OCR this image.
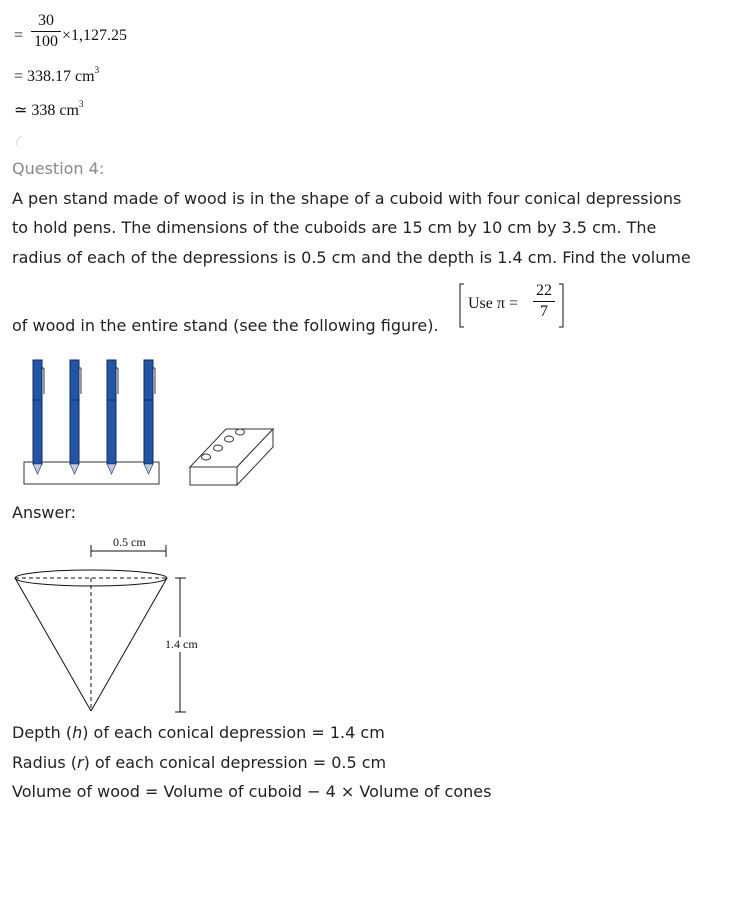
=
30
100 ×1,127.25
= 338.17 $cm^3$
≃ 338 $cm^3$
Question 4:
A pen stand made of wood is in the shape of a cuboid with four conical depressions
to hold pens. The dimensions of the cuboids are 15 cm by 10 cm by 3.5 cm. The
radius of each of the depressions is 0.5 cm and the depth is 1.4 cm. Find the volume
of wood in the entire stand (see the following figure).
Use π =
22
7
Answer:
0.5 cm
1.4 cm
Depth (h) of each conical depression = 1.4 cm
Radius (r) of each conical depression = 0.5 cm
Volume of wood = Volume of cuboid − 4 × Volume of cones
